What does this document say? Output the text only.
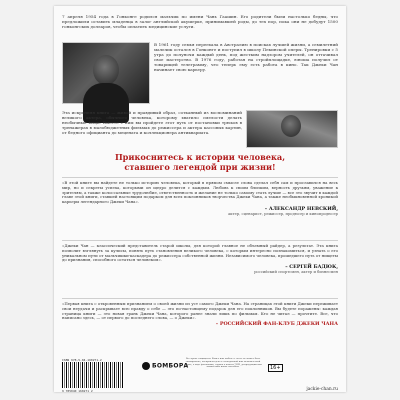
7 апреля 1954 года в Гонконге родился мальчик по имени Чань Гаашин. Его родители были настолько бедны, что предложили оставить младенца в залог английской акушерке, принимавшей роды, до тех пор, пока они не добудут 1500 гонконгских долларов, чтобы оплатить медицинские услуги.
В 1961 году семья переехала в Австралию в поисках лучшей жизни, а семилетний мальчик остался в Гонконге и поступил в школу Пекинской оперы. Тренировки с 5 утра до полуночи каждый день, под жестким надзором учителей, он оттачивал свое мастерство. В 1976 году, работая на стройплощадке, юноша получил от товарищей телеграмму, что теперь ему есть работа в кино. Так Джеки Чан начинает свою карьеру.
Эта искренняя книга — живой и правдивый образ, сотканный из воспоминаний великого актера, обычного человека, которому хватило смелости делать необычные вещи. Вместе с ним вы пройдете этот путь от постановки трюков в тренажерах в малобюджетных фильмах до режиссера и актера кассовых картин, от бедного официанта до мецената и коллекционера антиквариата.
Прикоснитесь к истории человека,
ставшего легендой при жизни!
«В этой книге вы найдете не только историю человека, который в прямом смысле слова сделал себя сам и прославился на весь мир, но и секреты успеха, которыми он щедро делится с каждым. Любовь к своим близким, верность друзьям, уважение к зрителям, а также колоссальные трудолюбие, ответственность и желание не только самому стать лучше — все это звучит в каждой главе этой книги, ставшей настоящим подарком для всех поклонников творчества Джеки Чана, а также необыкновенной хроникой карьеры легендарного Джеки Чана».
– АЛЕКСАНДР НЕВСКИЙ,
актер, сценарист, режиссер, продюсер и кинопродюсер
«Джеки Чан — классический представитель старой школы, для которой главное не объемный райдер, а результат. Эта книга позволит взглянуть за кулисы, понять путь становления великого человека, с которым интересно познакомиться, и узнать о его уникальном пути от мальчишки-каскадера до режиссера собственной жизни. Независимого человека, прошедшего путь от нищеты до признания, способного остаться человеком».
– СЕРГЕЙ БАДЮК,
российский спортсмен, актер и бизнесмен
«Первая книга с откровенным признанием о своей жизни из уст самого Джеки Чана. На страницах этой книги Джеки переживает свои неудачи и раскрывает всю правду о себе — это по-настоящему подарок для его поклонников. Вы будете поражены: каждая страница книги — это новая грань Джеки Чана, которого ранее знали лишь по фильмам. Кто не читал — прочтите. Все, что написано здесь, — от первого до последнего слова, — о Джеки».
– РОССИЙСКИЙ ФАН-КЛУБ ДЖЕКИ ЧАНА
ISBN 978-5-04-160271-2
9 785040 160271 2
БОМБОРА
Все права защищены. Книга или любая ее часть не может быть скопирована, воспроизведена в электронной или механической форме, в виде фотокопии, записи в память ЭВМ, репродукции или каким-либо иным способом.	16+
jackie-chan.ru
